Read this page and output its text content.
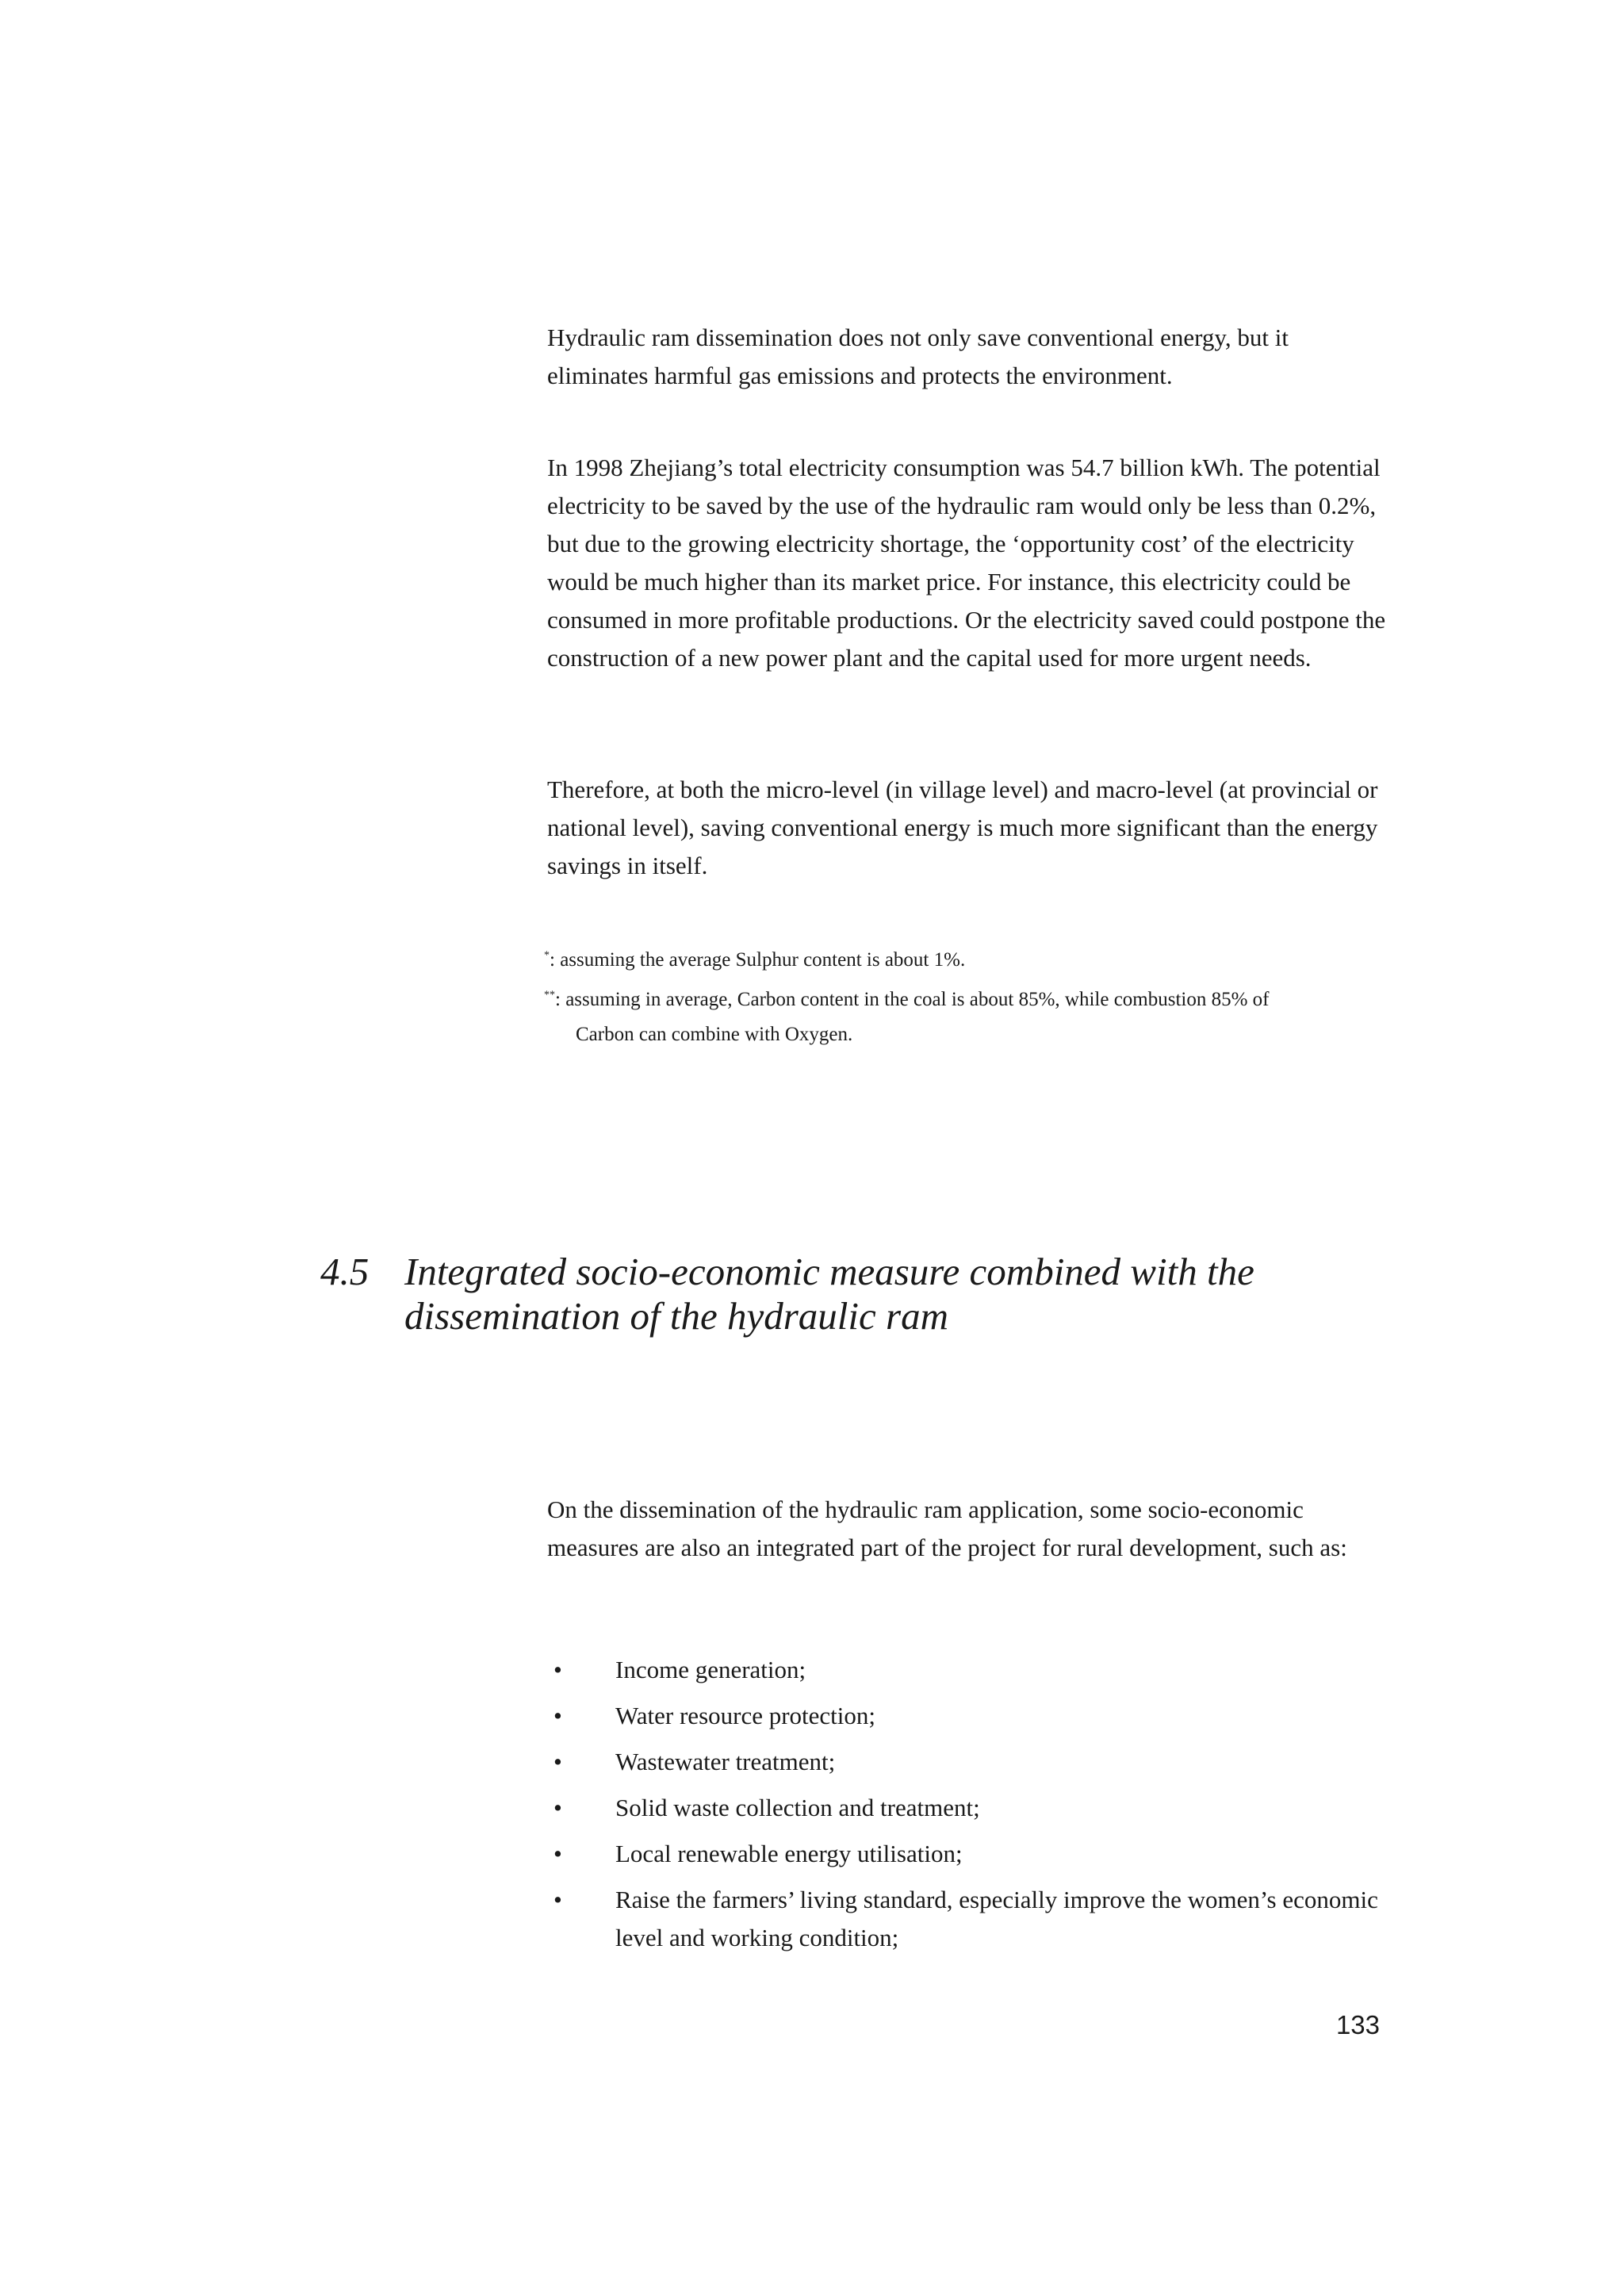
Hydraulic ram dissemination does not only save conventional energy, but it eliminates harmful gas emissions and protects the environment.

In 1998 Zhejiang’s total electricity consumption was 54.7 billion kWh. The potential electricity to be saved by the use of the hydraulic ram would only be less than 0.2%, but due to the growing electricity shortage, the ‘opportunity cost’ of the electricity would be much higher than its market price. For instance, this electricity could be consumed in more profitable productions. Or the electricity saved could postpone the construction of a new power plant and the capital used for more urgent needs.

Therefore, at both the micro-level (in village level) and macro-level (at provincial or national level), saving conventional energy is much more significant than the energy savings in itself.

*: assuming the average Sulphur content is about 1%.

**: assuming in average, Carbon content in the coal is about 85%, while combustion 85% of
Carbon can combine with Oxygen.

4.5 Integrated socio-economic measure combined with the dissemination of the hydraulic ram

On the dissemination of the hydraulic ram application, some socio-economic measures are also an integrated part of the project for rural development, such as:

•	Income generation;
•	Water resource protection;
•	Wastewater treatment;
•	Solid waste collection and treatment;
•	Local renewable energy utilisation;
•	Raise the farmers’ living standard, especially improve the women’s economic level and working condition;
133
